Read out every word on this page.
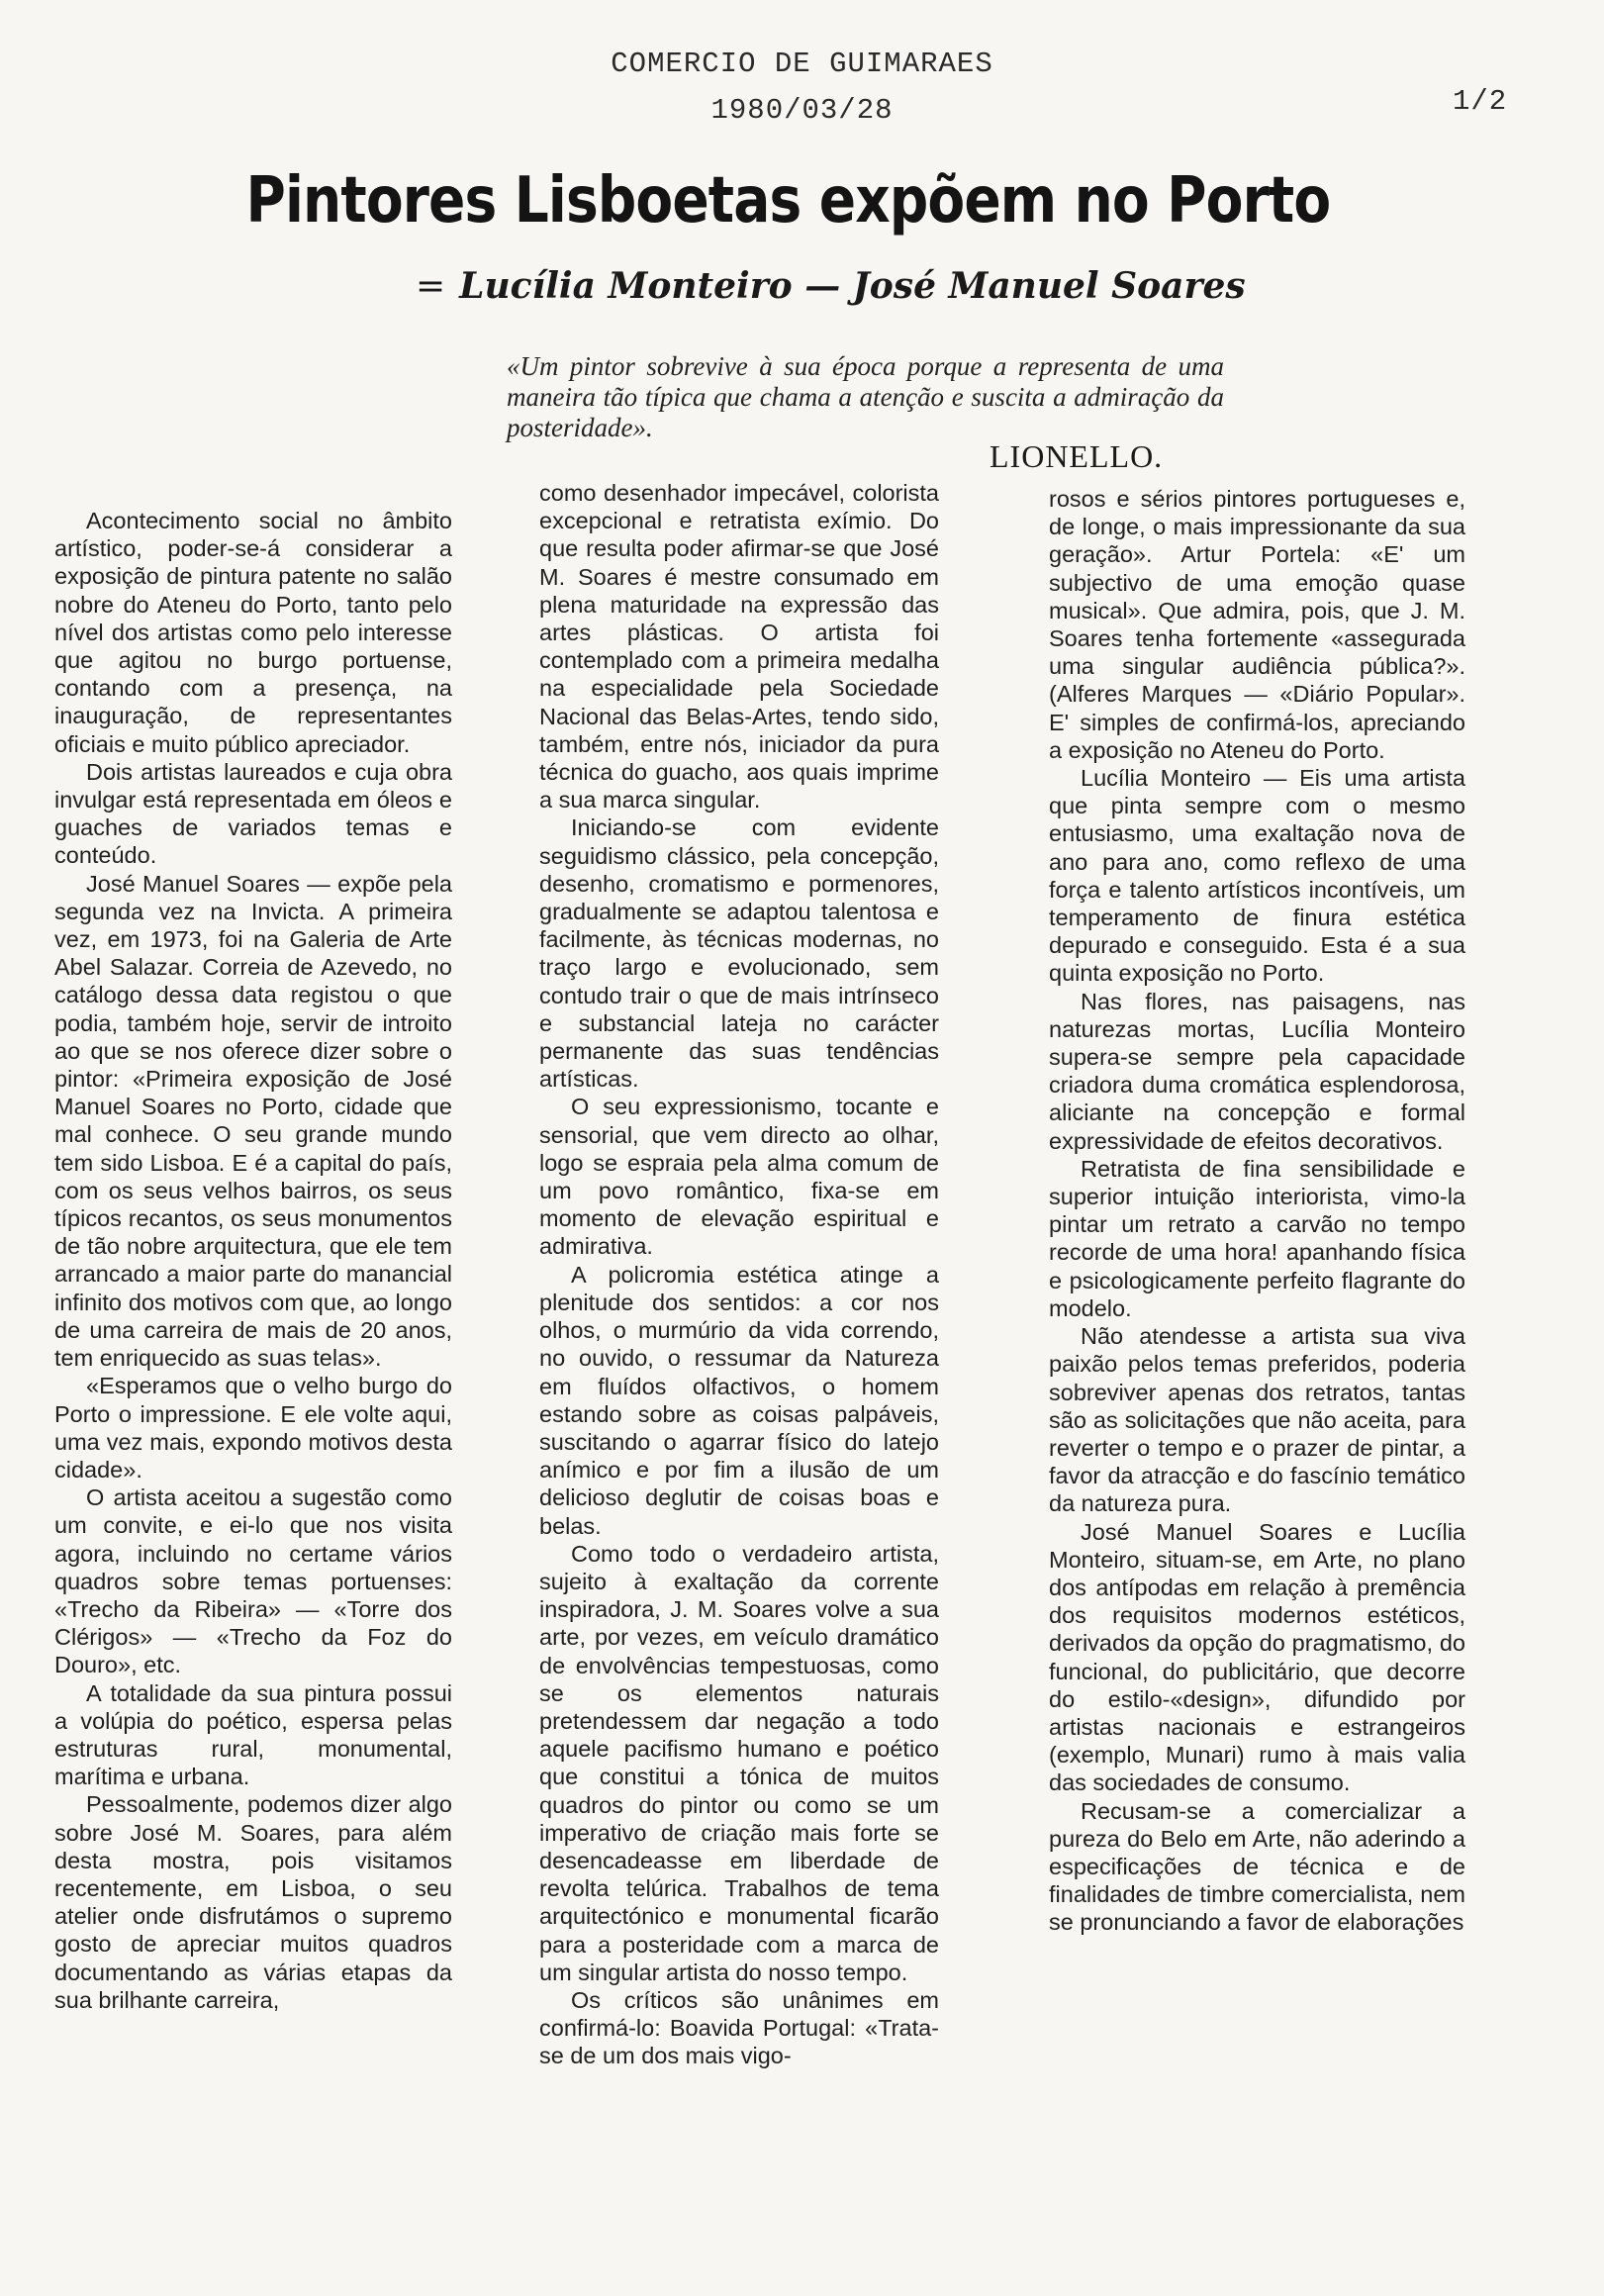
COMERCIO DE GUIMARAES
1980/03/28	1/2
Pintores Lisboetas expõem no Porto
= Lucília Monteiro — José Manuel Soares
«Um pintor sobrevive à sua época porque a representa de uma maneira tão típica que chama a atenção e suscita a admiração da posteridade».
LIONELLO.

Acontecimento social no âmbito artístico, poder-se-á considerar a exposição de pintura patente no salão nobre do Ateneu do Porto, tanto pelo nível dos artistas como pelo interesse que agitou no burgo portuense, contando com a presença, na inauguração, de representantes oficiais e muito público apreciador.

Dois artistas laureados e cuja obra invulgar está representada em óleos e guaches de variados temas e conteúdo.

José Manuel Soares — expõe pela segunda vez na Invicta. A primeira vez, em 1973, foi na Galeria de Arte Abel Salazar. Correia de Azevedo, no catálogo dessa data registou o que podia, também hoje, servir de introito ao que se nos oferece dizer sobre o pintor: «Primeira exposição de José Manuel Soares no Porto, cidade que mal conhece. O seu grande mundo tem sido Lisboa. E é a capital do país, com os seus velhos bairros, os seus típicos recantos, os seus monumentos de tão nobre arquitectura, que ele tem arrancado a maior parte do manancial infinito dos motivos com que, ao longo de uma carreira de mais de 20 anos, tem enriquecido as suas telas».

«Esperamos que o velho burgo do Porto o impressione. E ele volte aqui, uma vez mais, expondo motivos desta cidade».

O artista aceitou a sugestão como um convite, e ei-lo que nos visita agora, incluindo no certame vários quadros sobre temas portuenses: «Trecho da Ribeira» — «Torre dos Clérigos» — «Trecho da Foz do Douro», etc.

A totalidade da sua pintura possui a volúpia do poético, espersa pelas estruturas rural, monumental, marítima e urbana.

Pessoalmente, podemos dizer algo sobre José M. Soares, para além desta mostra, pois visitamos recentemente, em Lisboa, o seu atelier onde disfrutámos o supremo gosto de apreciar muitos quadros documentando as várias etapas da sua brilhante carreira,

como desenhador impecável, colorista excepcional e retratista exímio. Do que resulta poder afirmar-se que José M. Soares é mestre consumado em plena maturidade na expressão das artes plásticas. O artista foi contemplado com a primeira medalha na especialidade pela Sociedade Nacional das Belas-Artes, tendo sido, também, entre nós, iniciador da pura técnica do guacho, aos quais imprime a sua marca singular.

Iniciando-se com evidente seguidismo clássico, pela concepção, desenho, cromatismo e pormenores, gradualmente se adaptou talentosa e facilmente, às técnicas modernas, no traço largo e evolucionado, sem contudo trair o que de mais intrínseco e substancial lateja no carácter permanente das suas tendências artísticas.

O seu expressionismo, tocante e sensorial, que vem directo ao olhar, logo se espraia pela alma comum de um povo romântico, fixa-se em momento de elevação espiritual e admirativa.

A policromia estética atinge a plenitude dos sentidos: a cor nos olhos, o murmúrio da vida correndo, no ouvido, o ressumar da Natureza em fluídos olfactivos, o homem estando sobre as coisas palpáveis, suscitando o agarrar físico do latejo anímico e por fim a ilusão de um delicioso deglutir de coisas boas e belas.

Como todo o verdadeiro artista, sujeito à exaltação da corrente inspiradora, J. M. Soares volve a sua arte, por vezes, em veículo dramático de envolvências tempestuosas, como se os elementos naturais pretendessem dar negação a todo aquele pacifismo humano e poético que constitui a tónica de muitos quadros do pintor ou como se um imperativo de criação mais forte se desencadeasse em liberdade de revolta telúrica. Trabalhos de tema arquitectónico e monumental ficarão para a posteridade com a marca de um singular artista do nosso tempo.

Os críticos são unânimes em confirmá-lo: Boavida Portugal: «Trata-se de um dos mais vigo-

rosos e sérios pintores portugueses e, de longe, o mais impressionante da sua geração». Artur Portela: «E' um subjectivo de uma emoção quase musical». Que admira, pois, que J. M. Soares tenha fortemente «assegurada uma singular audiência pública?». (Alferes Marques — «Diário Popular». E' simples de confirmá-los, apreciando a exposição no Ateneu do Porto.

Lucília Monteiro — Eis uma artista que pinta sempre com o mesmo entusiasmo, uma exaltação nova de ano para ano, como reflexo de uma força e talento artísticos incontíveis, um temperamento de finura estética depurado e conseguido. Esta é a sua quinta exposição no Porto.

Nas flores, nas paisagens, nas naturezas mortas, Lucília Monteiro supera-se sempre pela capacidade criadora duma cromática esplendorosa, aliciante na concepção e formal expressividade de efeitos decorativos.

Retratista de fina sensibilidade e superior intuição interiorista, vimo-la pintar um retrato a carvão no tempo recorde de uma hora! apanhando física e psicologicamente perfeito flagrante do modelo.

Não atendesse a artista sua viva paixão pelos temas preferidos, poderia sobreviver apenas dos retratos, tantas são as solicitações que não aceita, para reverter o tempo e o prazer de pintar, a favor da atracção e do fascínio temático da natureza pura.

José Manuel Soares e Lucília Monteiro, situam-se, em Arte, no plano dos antípodas em relação à premência dos requisitos modernos estéticos, derivados da opção do pragmatismo, do funcional, do publicitário, que decorre do estilo-«design», difundido por artistas nacionais e estrangeiros (exemplo, Munari) rumo à mais valia das sociedades de consumo.

Recusam-se a comercializar a pureza do Belo em Arte, não aderindo a especificações de técnica e de finalidades de timbre comercialista, nem se pronunciando a favor de elaborações
